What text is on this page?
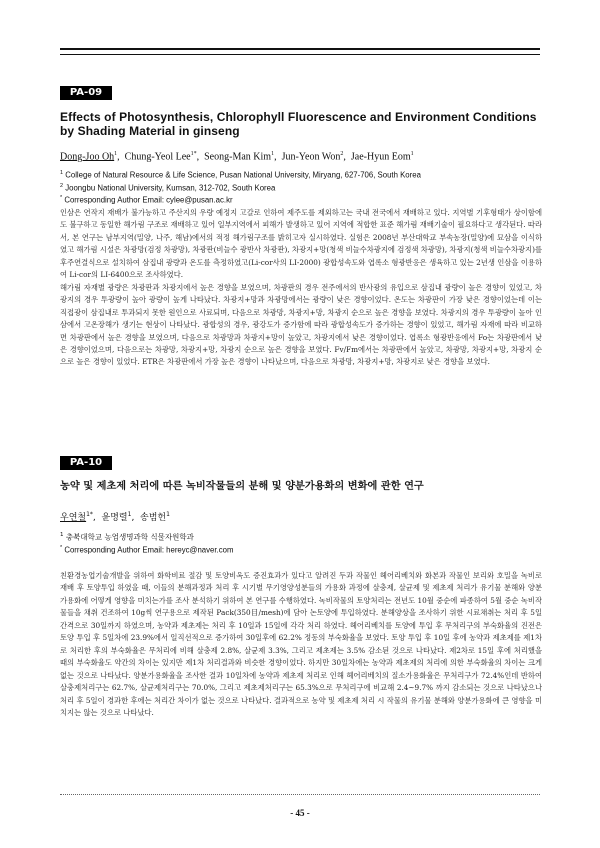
PA-09
Effects of Photosynthesis, Chlorophyll Fluorescence and Environment Conditions
by Shading Material in ginseng
Dong-Joo Oh$^1$,  Chung-Yeol Lee$^{1*}$,  Seong-Man Kim$^1$,  Jun-Yeon Won$^2$,  Jae-Hyun Eom$^1$
$^1$ College of Natural Resource & Life Science, Pusan National University, Miryang, 627-706, South Korea
$^2$ Joongbu National University, Kumsan, 312-702, South Korea
* Corresponding Author Email: cylee@pusan.ac.kr

인삼은 연작지 재배가 불가능하고 주산지의 우량 예정지 고갈로 인하여 제주도를 제외하고는 국내 전국에서 재배하고 있다. 지역별 기후형태가 상이함에도 불구하고 동일한 해가림 구조로 재배하고 있어 일부지역에서 피해가 발생하고 있어 지역에 적합한 표준 해가림 재배기술이 필요하다고 생각된다. 따라서, 본 연구는 남부지역(밀양, 나주, 해남)에서의 적정 해가림구조를 밝히고자 실시하였다. 실험은 2008년 부산대학교 부속농장(밀양)에 묘삼을 이식하였고 해가림 시설은 차광망(검정 차광망), 차광판(비늘수 광반사 차광판), 차광지+망(청색 비늘수차광지에 검정색 차광망), 차광지(청색 비늘수차광지)를 후주연결식으로 설치하여 삼집내 광량과 온도를 측정하였고(Li-cor사의 LI-2000) 광합성속도와 엽록소 형광반응은 생육하고 있는 2년생 인삼을 이용하여 Li-cor의 LI-6400으로 조사하였다.

해가림 자재별 광량은 차광판과 차광지에서 높은 경향을 보였으며, 차광판의 경우 전주에서의 반사광의 유입으로 삼집내 광량이 높은 경향이 있었고, 차광지의 경우 투광량이 높아 광량이 높게 나타났다. 차광지+망과 차광망에서는 광량이 낮은 경향이었다. 온도는 차광판이 가장 낮은 경향이었는데 이는 직접광이 삼집내로 투과되지 못한 원인으로 사료되며, 다음으로 차광망, 차광지+망, 차광지 순으로 높은 경향을 보였다. 차광지의 경우 투광량이 높아 인삼에서 고온장해가 생기는 현상이 나타났다. 광합성의 경우, 광강도가 증가함에 따라 광합성속도가 증가하는 경향이 있었고, 해가림 자재에 따라 비교하면 차광판에서 높은 경향을 보였으며, 다음으로 차광망과 차광지+망이 높았고, 차광지에서 낮은 경향이었다. 엽록소 형광반응에서 Fo는 차광판에서 낮은 경향이었으며, 다음으로는 차광망, 차광지+망, 차광지 순으로 높은 경향을 보였다. Fv/Fm에서는 차광판에서 높았고, 차광망, 차광지+망, 차광지 순으로 높은 경향이 있었다. ETR은 차광판에서 가장 높은 경향이 나타났으며, 다음으로 차광망, 차광지+망, 차광지로 낮은 경향을 보였다.

PA-10
농약 및 제초제 처리에 따른 녹비작물들의 분해 및 양분가용화의 변화에 관한 연구
우연철$^{1*}$,  윤명렬$^1$,  송범헌$^1$
$^1$ 충북대학교 농업생명과학 식물자원학과
* Corresponding Author Email: hereyc@naver.com

친환경농업기술개발을 위하여 화학비료 절감 및 토양비옥도 증진효과가 있다고 알려진 두과 작물인 헤어리베치와 화본과 작물인 보리와 호밀을 녹비로 재배 후 토양투입 하였을 때, 이들의 분해과정과 처리 후 시기별 무기영양성분들의 가용화 과정에 살충제, 살균제 및 제초제 처리가 유기물 분해와 양분 가용화에 어떻게 영향을 미치는가를 조사 분석하기 위하여 본 연구를 수행하였다. 녹비작물의 토양처리는 전년도 10월 중순에 파종하여 5월 중순 녹비작물들을 채취 건조하여 10g씩 연구용으로 제작된 Pack(350目/mesh)에 담아 논토양에 투입하였다. 분해양상을 조사하기 위한 시료채취는 처리 후 5일 간격으로 30일까지 하였으며, 농약과 제초제는 처리 후 10일과 15일에 각각 처리 하였다. 헤어리베치를 토양에 투입 후 무처리구의 부숙화율의 진전은 토양 투입 후 5일차에 23.9%에서 일직선적으로 증가하여 30일후에 62.2% 정동의 부숙화율을 보였다. 토양 투입 후 10일 후에 농약과 제초제를 제1차로 처리한 후의 부숙화율은 무처리에 비해 살충제 2.8%, 살균제 3.3%, 그리고 제초제는 3.5% 감소된 것으로 나타났다. 제2차로 15일 후에 처리했을 때의 부숙화율도 약간의 차이는 있지만 제1차 처리결과와 비슷한 경향이었다. 하지만 30일차에는 농약과 제초제의 처리에 의한 부숙화율의 차이는 크게 없는 것으로 나타났다. 양분가용화율을 조사한 결과 10일차에 농약과 제초제 처리로 인해 헤어리베치의 질소가용화율은 무처리구가 72.4%인데 반하여 살충제처리구는 62.7%, 살균제처리구는 70.0%, 그리고 제초제처리구는 65.3%으로 무처리구에 비교해 2.4~9.7% 까지 감소되는 것으로 나타났으나 처리 후 5일이 경과한 후에는 처리간 차이가 없는 것으로 나타났다. 결과적으로 농약 및 제초제 처리 시 작물의 유기물 분해와 양분가용화에 큰 영향을 미치지는 않는 것으로 나타났다.

- 45 -
